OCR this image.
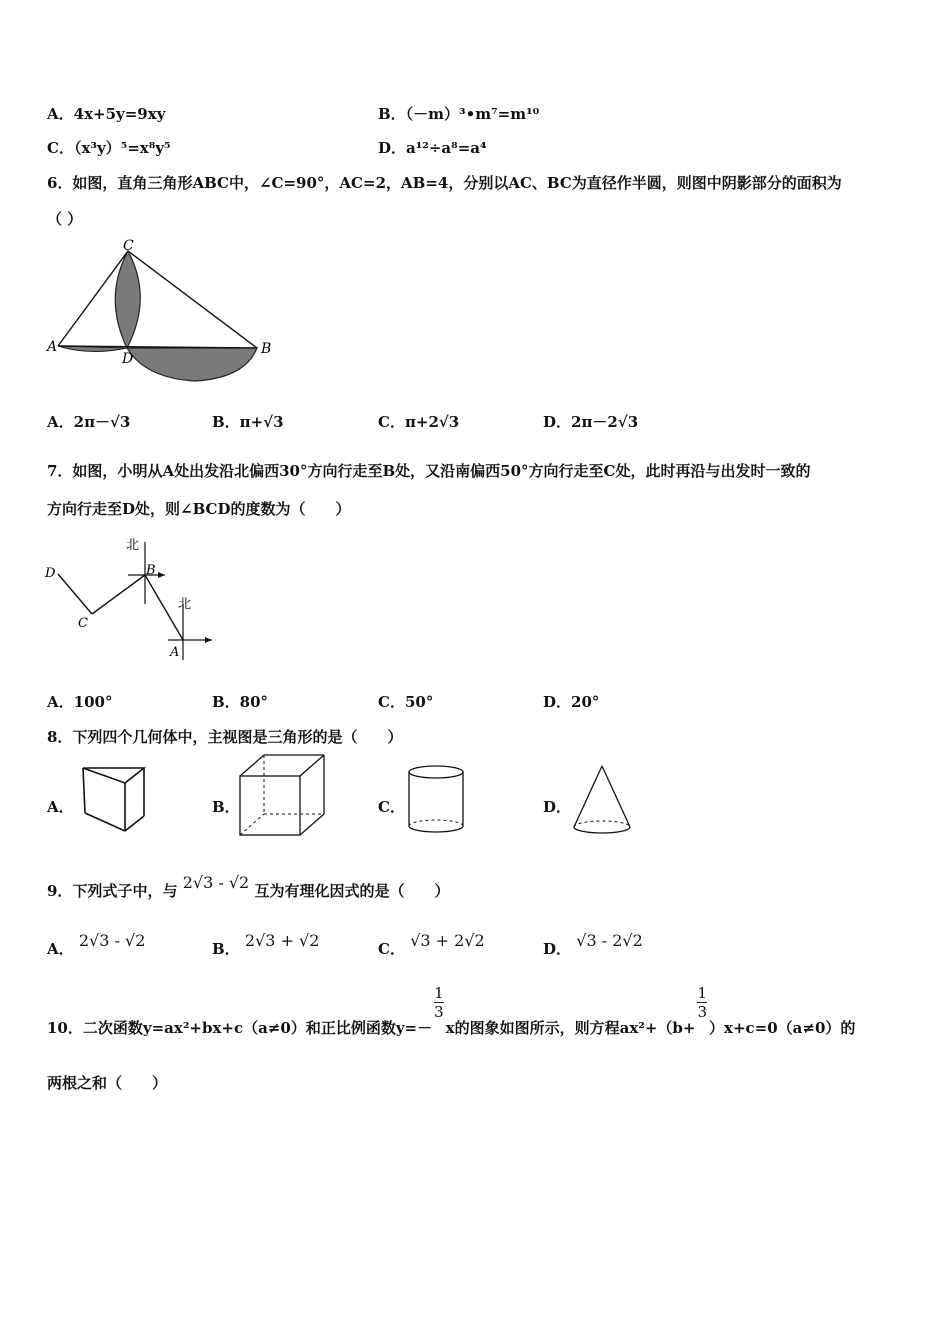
A．4x+5y=9xy	B．（－m）³•m⁷=m¹⁰
C．（x³y）⁵=x⁸y⁵	D．a¹²÷a⁸=a⁴
6．如图，直角三角形ABC中，∠C=90°，AC=2，AB=4，分别以AC、BC为直径作半圆，则图中阴影部分的面积为
（ ）
C
A
D
B
A．2π－√3	B．π+√3	C．π+2√3	D．2π－2√3
7．如图，小明从A处出发沿北偏西30°方向行走至B处，又沿南偏西50°方向行走至C处，此时再沿与出发时一致的
方向行走至D处，则∠BCD的度数为（　　）
北
北
B
D
C
A
A．100°	B．80°	C．50°	D．20°
8．下列四个几何体中，主视图是三角形的是（　　）
A．	B．	C．	D．
9．下列式子中，与 2√3 - √2 互为有理化因式的是（　　）
A． 2√3 - √2	B． 2√3 + √2	C． √3 + 2√2	D． √3 - 2√2
10．二次函数y=ax²+bx+c（a≠0）和正比例函数y=－
$\frac{1}{3}$
x的图象如图所示，则方程ax²+（b+
$\frac{1}{3}$
）x+c=0（a≠0）的
两根之和（　　）
